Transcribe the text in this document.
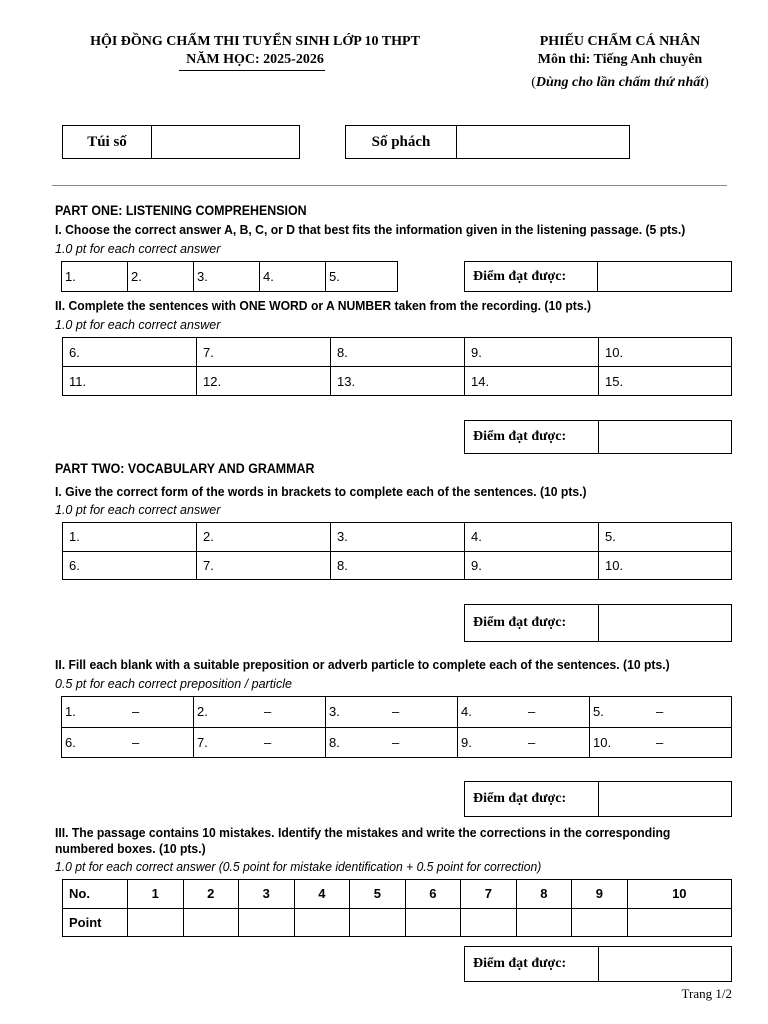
HỘI ĐỒNG CHẤM THI TUYỂN SINH LỚP 10 THPT
NĂM HỌC: 2025-2026
PHIẾU CHẤM CÁ NHÂN
Môn thi: Tiếng Anh chuyên
(Dùng cho lần chấm thứ nhất)
Túi số	Số phách
PART ONE: LISTENING COMPREHENSION
I. Choose the correct answer A, B, C, or D that best fits the information given in the listening passage. (5 pts.)
1.0 pt for each correct answer
1.	2.	3.	4.	5.	Điểm đạt được:
II. Complete the sentences with ONE WORD or A NUMBER taken from the recording. (10 pts.)
1.0 pt for each correct answer
6.	7.	8.	9.	10.
11.	12.	13.	14.	15.
Điểm đạt được:
PART TWO: VOCABULARY AND GRAMMAR
I. Give the correct form of the words in brackets to complete each of the sentences. (10 pts.)
1.0 pt for each correct answer
1.	2.	3.	4.	5.
6.	7.	8.	9.	10.
Điểm đạt được:
II. Fill each blank with a suitable preposition or adverb particle to complete each of the sentences. (10 pts.)
0.5 pt for each correct preposition / particle
1. –	2. –	3. –	4. –	5. –

6. –	7. –	8. –	9. –	10. –
Điểm đạt được:
III. The passage contains 10 mistakes. Identify the mistakes and write the corrections in the corresponding
numbered boxes. (10 pts.)
1.0 pt for each correct answer (0.5 point for mistake identification + 0.5 point for correction)
No.	1	2	3	4	5	6	7	8	9	10
Point										
Điểm đạt được:
Trang 1/2
